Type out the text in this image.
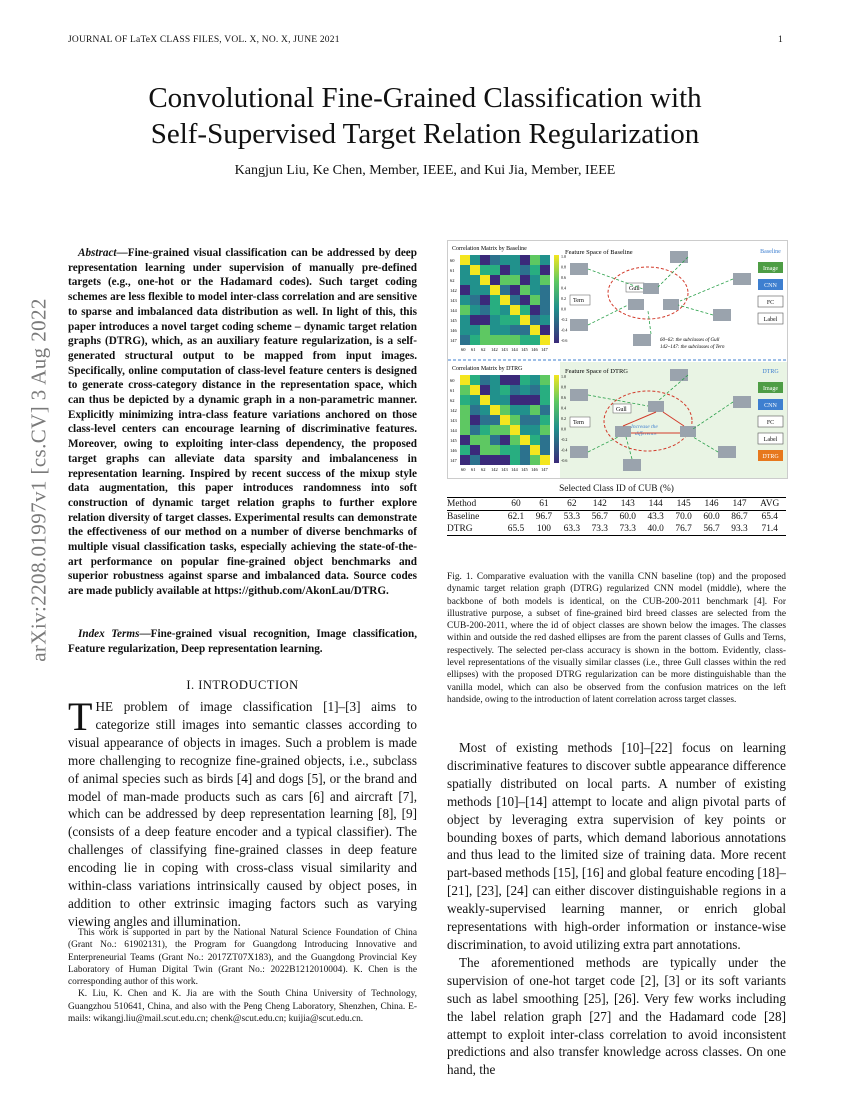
JOURNAL OF LaTeX CLASS FILES, VOL. X, NO. X, JUNE 2021	1
Convolutional Fine-Grained Classification with
Self-Supervised Target Relation Regularization
Kangjun Liu, Ke Chen, Member, IEEE, and Kui Jia, Member, IEEE
arXiv:2208.01997v1 [cs.CV] 3 Aug 2022

Abstract—Fine-grained visual classification can be addressed by deep representation learning under supervision of manually pre-defined targets (e.g., one-hot or the Hadamard codes). Such target coding schemes are less flexible to model inter-class correlation and are sensitive to sparse and imbalanced data distribution as well. In light of this, this paper introduces a novel target coding scheme – dynamic target relation graphs (DTRG), which, as an auxiliary feature regularization, is a self-generated structural output to be mapped from input images. Specifically, online computation of class-level feature centers is designed to generate cross-category distance in the representation space, which can thus be depicted by a dynamic graph in a non-parametric manner. Explicitly minimizing intra-class feature variations anchored on those class-level centers can encourage learning of discriminative features. Moreover, owing to exploiting inter-class dependency, the proposed target graphs can alleviate data sparsity and imbalanceness in representation learning. Inspired by recent success of the mixup style data augmentation, this paper introduces randomness into soft construction of dynamic target relation graphs to further explore relation diversity of target classes. Experimental results can demonstrate the effectiveness of our method on a number of diverse benchmarks of multiple visual classification tasks, especially achieving the state-of-the-art performance on popular fine-grained object benchmarks and superior robustness against sparse and imbalanced data. Source codes are made publicly available at https://github.com/AkonLau/DTRG.

Index Terms—Fine-grained visual recognition, Image classification, Feature regularization, Deep representation learning.
I. INTRODUCTION
THE problem of image classification [1]–[3] aims to categorize still images into semantic classes according to visual appearance of objects in images. Such a problem is made more challenging to recognize fine-grained objects, i.e., subclass of animal species such as birds [4] and dogs [5], or the brand and model of man-made products such as cars [6] and aircraft [7], which can be addressed by deep representation learning [8], [9] (consists of a deep feature encoder and a typical classifier). The challenges of classifying fine-grained classes in deep feature encoding lie in coping with cross-class visual similarity and within-class variations intrinsically caused by object poses, in addition to other extrinsic imaging factors such as varying viewing angles and illumination.

This work is supported in part by the National Natural Science Foundation of China (Grant No.: 61902131), the Program for Guangdong Introducing Innovative and Enterpreneurial Teams (Grant No.: 2017ZT07X183), and the Guangdong Provincial Key Laboratory of Human Digital Twin (Grant No.: 2022B1212010004). K. Chen is the corresponding author of this work.

K. Liu, K. Chen and K. Jia are with the South China University of Technology, Guangzhou 510641, China, and also with the Peng Cheng Laboratory, Shenzhen, China. E-mails: wikangj.liu@mail.scut.edu.cn; chenk@scut.edu.cn; kuijia@scut.edu.cn.

Correlation Matrix by Baseline
60
60
61
61
62
62
142
142
143
143
144
144
145
145
146
146
147
147
1.0
0.8
0.6
0.4
0.2
0.0
-0.2
-0.4
-0.6
Feature Space of Baseline
Gull
Tern
60~62: the subclasses of Gull
142~147: the subclasses of Tern
Baseline
Image
CNN
FC
Label
Correlation Matrix by DTRG
60
60
61
61
62
62
142
142
143
143
144
144
145
145
146
146
147
147
1.0
0.8
0.6
0.4
0.2
0.0
-0.2
-0.4
-0.6
Feature Space of DTRG
Gull
Tern
Increase the
difference
DTRG
Image
CNN
FC
Label
DTRG
Selected Class ID of CUB (%)										
Method	60	61	62	142	143	144	145	146	147	AVG
Baseline	62.1	96.7	53.3	56.7	60.0	43.3	70.0	60.0	86.7	65.4
DTRG	65.5	100	63.3	73.3	73.3	40.0	76.7	56.7	93.3	71.4
Fig. 1. Comparative evaluation with the vanilla CNN baseline (top) and the proposed dynamic target relation graph (DTRG) regularized CNN model (middle), where the backbone of both models is identical, on the CUB-200-2011 benchmark [4]. For illustrative purpose, a subset of fine-grained bird breed classes are selected from the CUB-200-2011, where the id of object classes are shown below the images. The classes within and outside the red dashed ellipses are from the parent classes of Gulls and Terns, respectively. The selected per-class accuracy is shown in the bottom. Evidently, class-level representations of the visually similar classes (i.e., three Gull classes within the red ellipses) with the proposed DTRG regularization can be more distinguishable than the vanilla model, which can also be observed from the confusion matrices on the left handside, owing to the introduction of latent correlation across target classes.

Most of existing methods [10]–[22] focus on learning discriminative features to discover subtle appearance difference spatially distributed on local parts. A number of existing methods [10]–[14] attempt to locate and align pivotal parts of object by leveraging extra supervision of key points or bounding boxes of parts, which demand laborious annotations and thus lead to the limited size of training data. More recent part-based methods [15], [16] and global feature encoding [18]–[21], [23], [24] can either discover distinguishable regions in a weakly-supervised learning manner, or enrich global representations with high-order information or instance-wise discrimination, to avoid utilizing extra part annotations.

The aforementioned methods are typically under the supervision of one-hot target code [2], [3] or its soft variants such as label smoothing [25], [26]. Very few works including the label relation graph [27] and the Hadamard code [28] attempt to exploit inter-class correlation to avoid inconsistent predictions and also transfer knowledge across classes. On one hand, the
